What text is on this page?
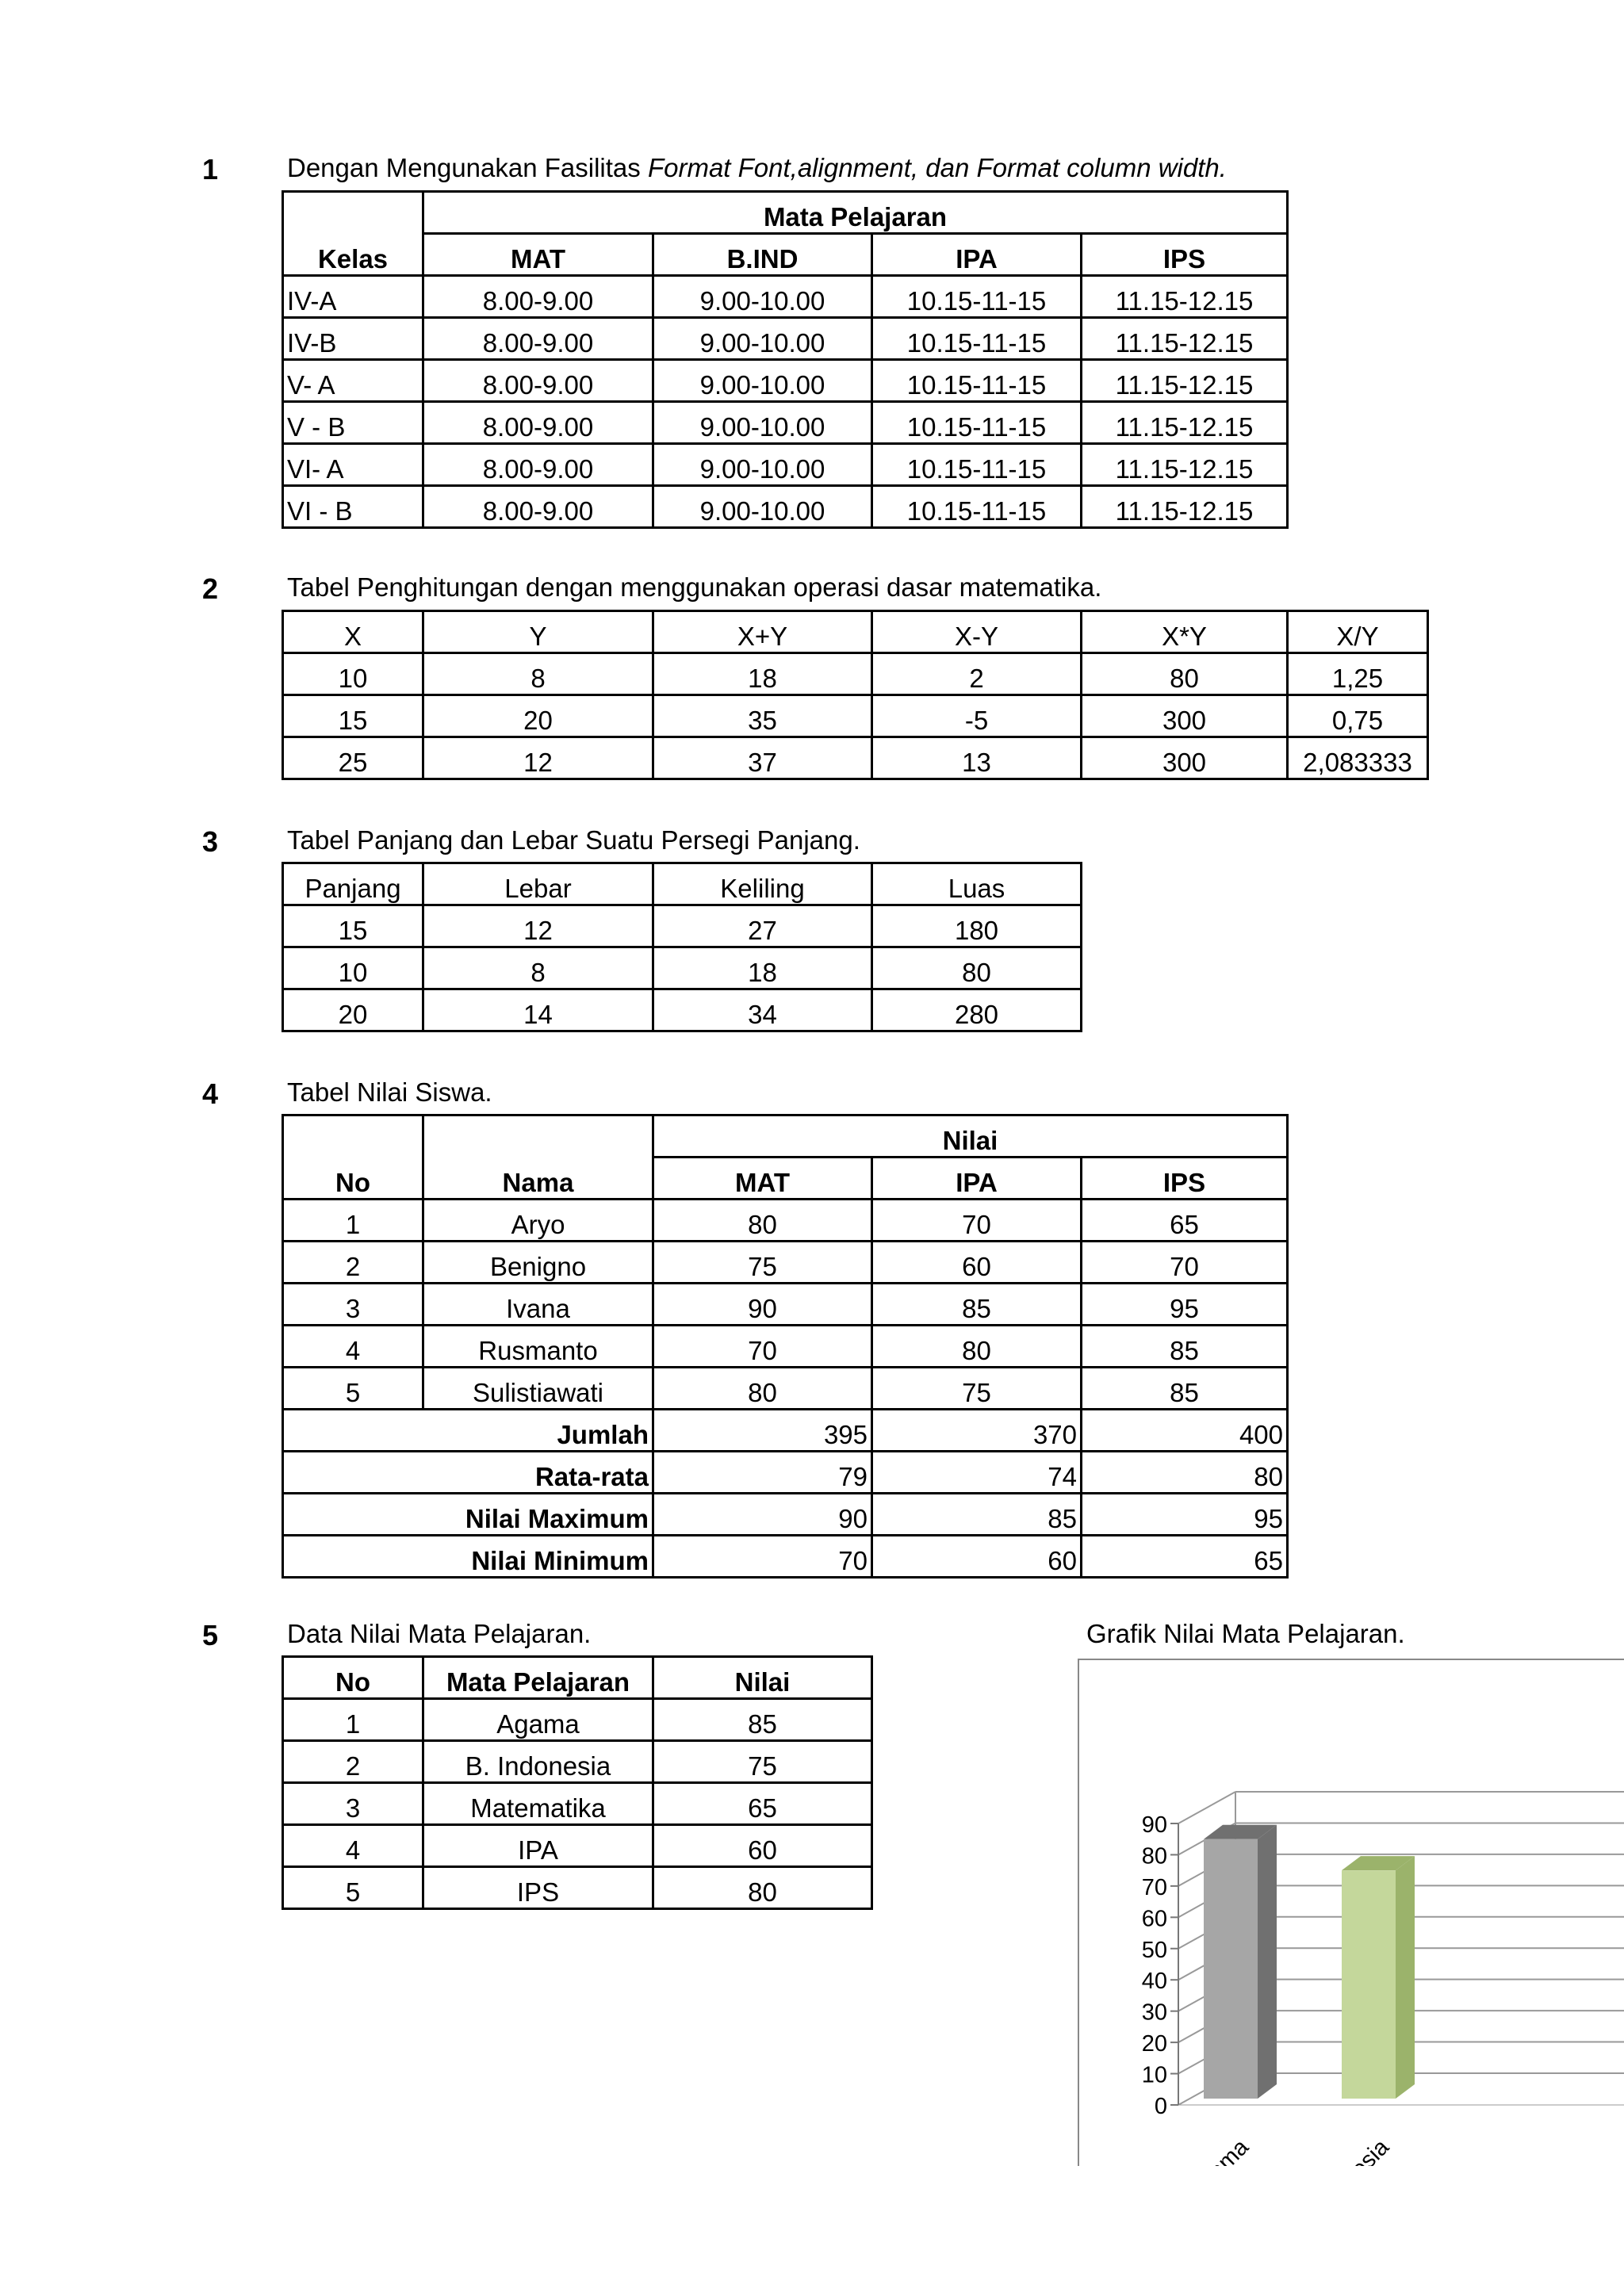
1	Dengan Mengunakan Fasilitas Format Font,alignment, dan Format column width.
Kelas	Mata Pelajaran			
	MAT	B.IND	IPA	IPS
IV-A	8.00-9.00	9.00-10.00	10.15-11-15	11.15-12.15
IV-B	8.00-9.00	9.00-10.00	10.15-11-15	11.15-12.15
V- A	8.00-9.00	9.00-10.00	10.15-11-15	11.15-12.15
V - B	8.00-9.00	9.00-10.00	10.15-11-15	11.15-12.15
VI- A	8.00-9.00	9.00-10.00	10.15-11-15	11.15-12.15
VI - B	8.00-9.00	9.00-10.00	10.15-11-15	11.15-12.15
2	Tabel Penghitungan dengan menggunakan operasi dasar matematika.
X	Y	X+Y	X-Y	X*Y	X/Y
10	8	18	2	80	1,25
15	20	35	-5	300	0,75
25	12	37	13	300	2,083333
3	Tabel Panjang dan Lebar Suatu Persegi Panjang.
Panjang	Lebar	Keliling	Luas
15	12	27	180
10	8	18	80
20	14	34	280
4	Tabel Nilai Siswa.
No	Nama	Nilai		
		MAT	IPA	IPS
1	Aryo	80	70	65
2	Benigno	75	60	70
3	Ivana	90	85	95
4	Rusmanto	70	80	85
5	Sulistiawati	80	75	85
Jumlah		395	370	400
Rata-rata		79	74	80
Nilai Maximum		90	85	95
Nilai Minimum		70	60	65
5	Data Nilai Mata Pelajaran.	Grafik Nilai Mata Pelajaran.
No	Mata Pelajaran	Nilai
1	Agama	85
2	B. Indonesia	75
3	Matematika	65
4	IPA	60
5	IPS	80
0
10
20
30
40
50
60
70
80
90
ama	nesia
